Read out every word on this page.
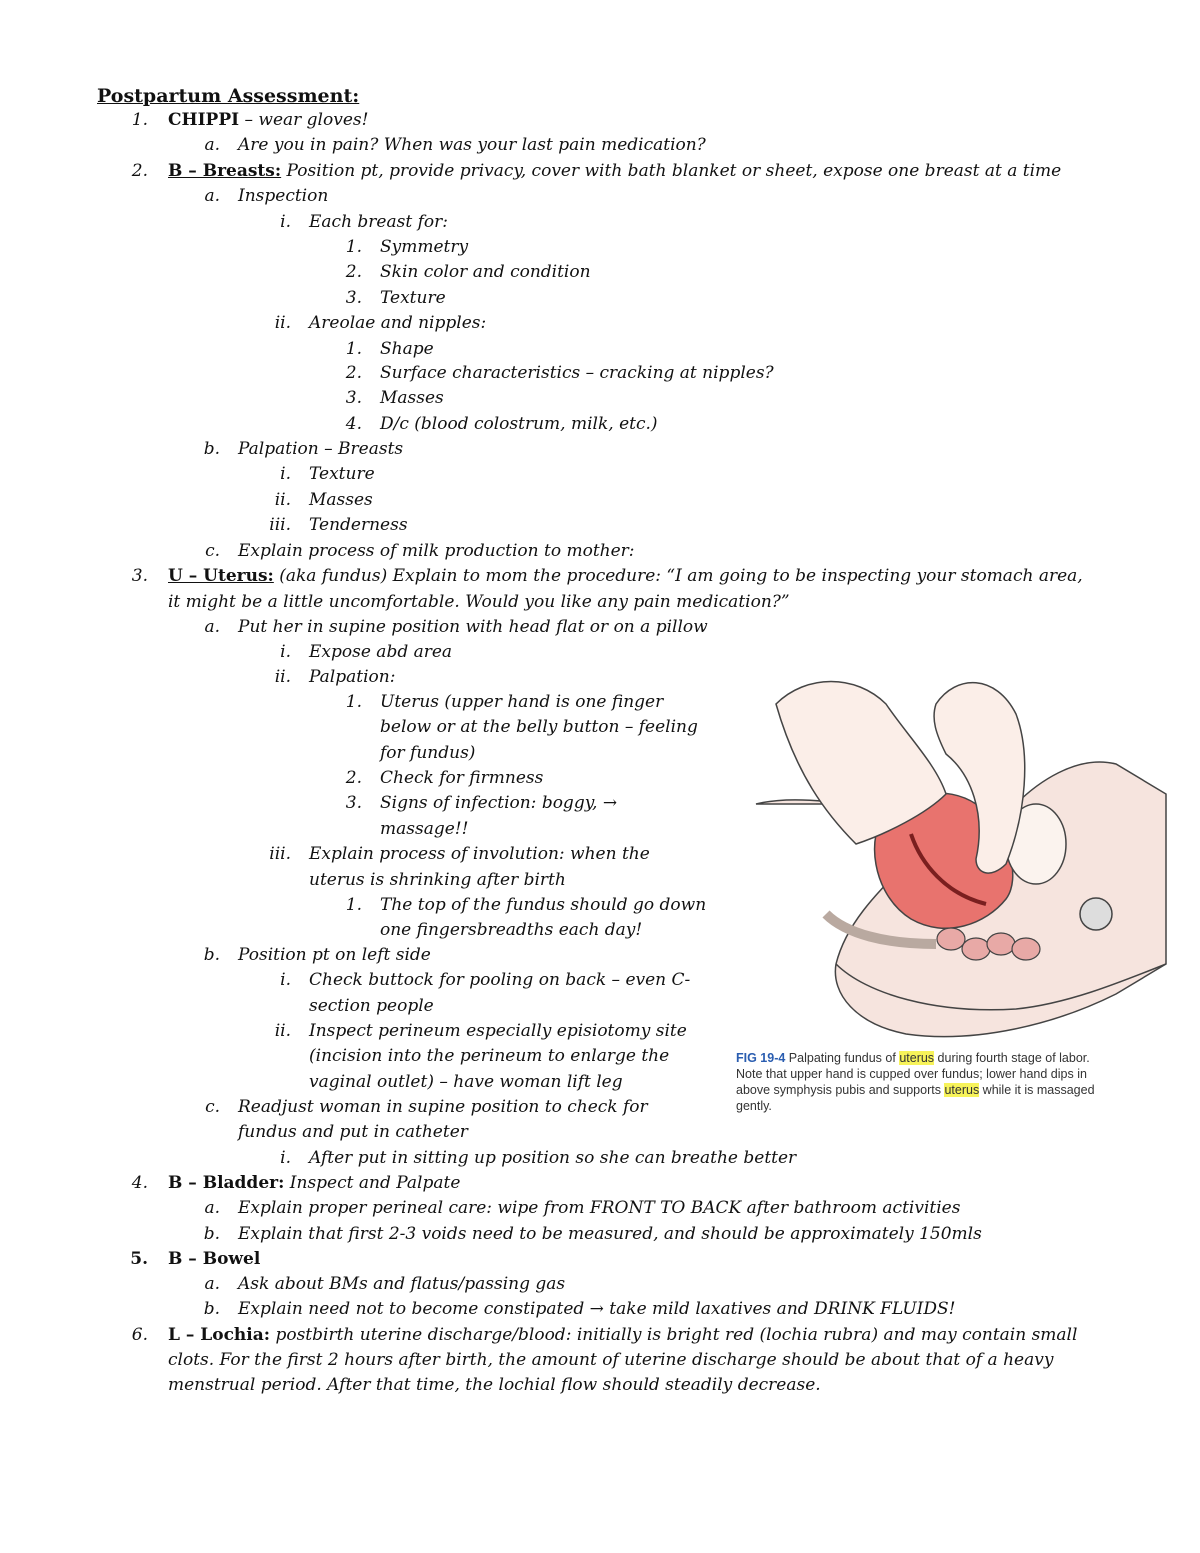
Postpartum Assessment:
1. CHIPPI – wear gloves!
a. Are you in pain? When was your last pain medication?
2. B – Breasts: Position pt, provide privacy, cover with bath blanket or sheet, expose one breast at a time
a. Inspection
i. Each breast for:
1. Symmetry
2. Skin color and condition
3. Texture
ii. Areolae and nipples:
1. Shape
2. Surface characteristics – cracking at nipples?
3. Masses
4. D/c (blood colostrum, milk, etc.)
b. Palpation – Breasts
i. Texture
ii. Masses
iii. Tenderness
c. Explain process of milk production to mother:
3. U – Uterus: (aka fundus) Explain to mom the procedure: “I am going to be inspecting your stomach area,
it might be a little uncomfortable. Would you like any pain medication?”
a. Put her in supine position with head flat or on a pillow
i. Expose abd area
ii. Palpation:
1. Uterus (upper hand is one finger
below or at the belly button – feeling
for fundus)
2. Check for firmness
3. Signs of infection: boggy, →
massage!!
iii. Explain process of involution: when the
uterus is shrinking after birth
1. The top of the fundus should go down
one fingersbreadths each day!
b. Position pt on left side
i. Check buttock for pooling on back – even C-
section people
ii. Inspect perineum especially episiotomy site
(incision into the perineum to enlarge the
vaginal outlet) – have woman lift leg
c. Readjust woman in supine position to check for
fundus and put in catheter
i. After put in sitting up position so she can breathe better
4. B – Bladder: Inspect and Palpate
a. Explain proper perineal care: wipe from FRONT TO BACK after bathroom activities
b. Explain that first 2-3 voids need to be measured, and should be approximately 150mls
5. B – Bowel
a. Ask about BMs and flatus/passing gas
b. Explain need not to become constipated → take mild laxatives and DRINK FLUIDS!
6. L – Lochia: postbirth uterine discharge/blood: initially is bright red (lochia rubra) and may contain small
clots. For the first 2 hours after birth, the amount of uterine discharge should be about that of a heavy
menstrual period. After that time, the lochial flow should steadily decrease.
FIG 19-4 Palpating fundus of uterus during fourth stage of labor.
Note that upper hand is cupped over fundus; lower hand dips in
above symphysis pubis and supports uterus while it is massaged
gently.
